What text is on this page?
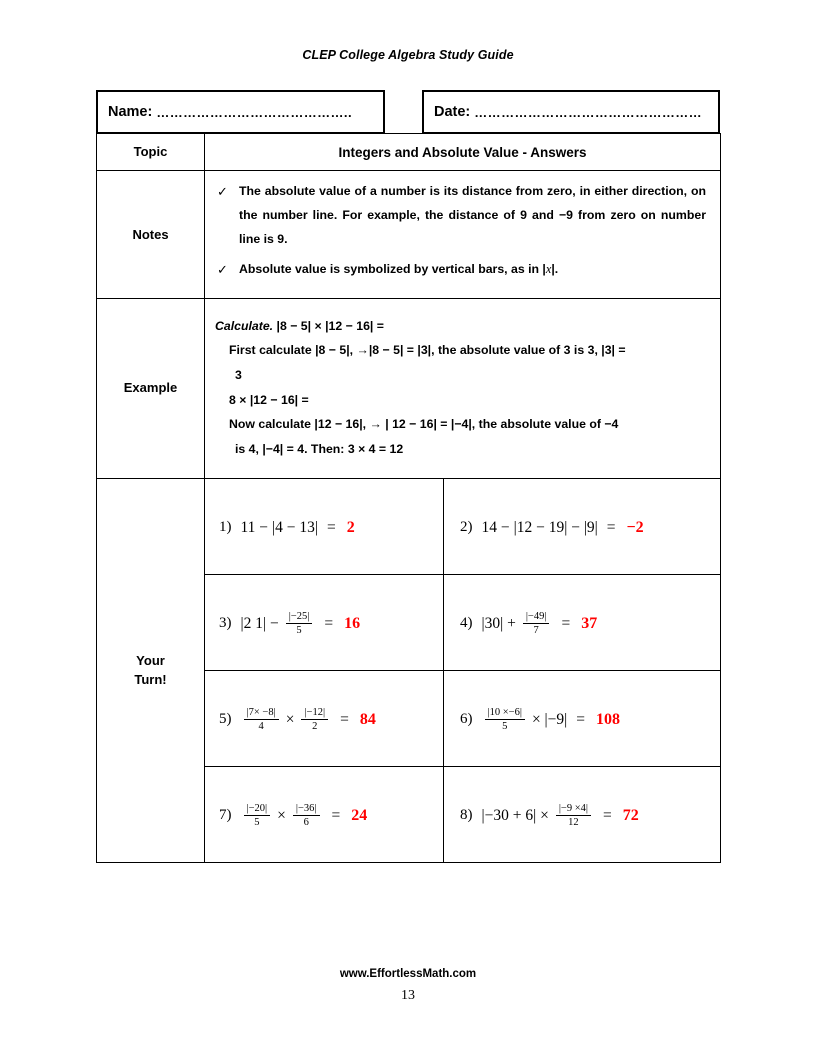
CLEP College Algebra Study Guide
Name: ……………………………………..	Date: ……………………………………………
Topic	Integers and Absolute Value - Answers	
Notes	✓ The absolute value of a number is its distance from zero, in either direction, on the number line. For example, the distance of 9 and −9 from zero on number line is 9.
✓ Absolute value is symbolized by vertical bars, as in |x|.	

Example	
Calculate. |8 − 5| × |12 − 16| =
First calculate |8 − 5|, →|8 − 5| = |3|, the absolute value of 3 is 3, |3| =
3
8 × |12 − 16| =
Now calculate |12 − 16|, → | 12 − 16| = |−4|, the absolute value of −4
is 4, |−4| = 4. Then: 3 × 4 = 12

Your
Turn!

1) 11 − |4 − 13| = 2	2) 14 − |12 − 19| − |9| = −2

3) |2 $1| - \frac{|-25|}{5} = 16$	4) $|30| + \frac{|-49|}{7} = 37$

$5) \frac{|7\times -8|}{4} \times \frac{|-12|}{2} = 84$	$6) \frac{|10 \times-6|}{5} \times |-9| = 108$

$7) \frac{|-20|}{5} \times \frac{|-36|}{6} = 24$	8) $|-30 + 6| \times \frac{|-9 \times 4|}{12} = 72$
www.EffortlessMath.com
13
